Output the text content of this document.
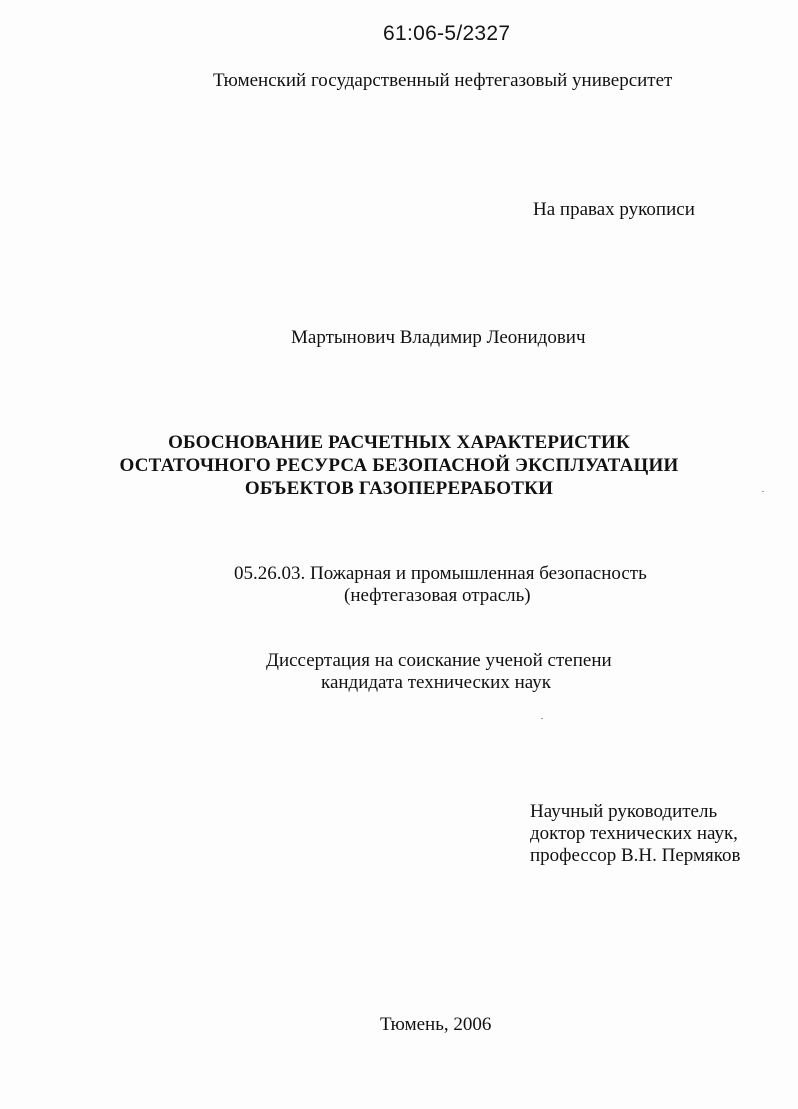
61:06-5/2327
Тюменский государственный нефтегазовый университет
На правах рукописи
Мартынович Владимир Леонидович
ОБОСНОВАНИЕ РАСЧЕТНЫХ ХАРАКТЕРИСТИК
ОСТАТОЧНОГО РЕСУРСА БЕЗОПАСНОЙ ЭКСПЛУАТАЦИИ
ОБЪЕКТОВ ГАЗОПЕРЕРАБОТКИ
05.26.03. Пожарная и промышленная безопасность
(нефтегазовая отрасль)
Диссертация на соискание ученой степени
кандидата технических наук
Научный руководитель
доктор технических наук,
профессор В.Н. Пермяков
Тюмень, 2006
